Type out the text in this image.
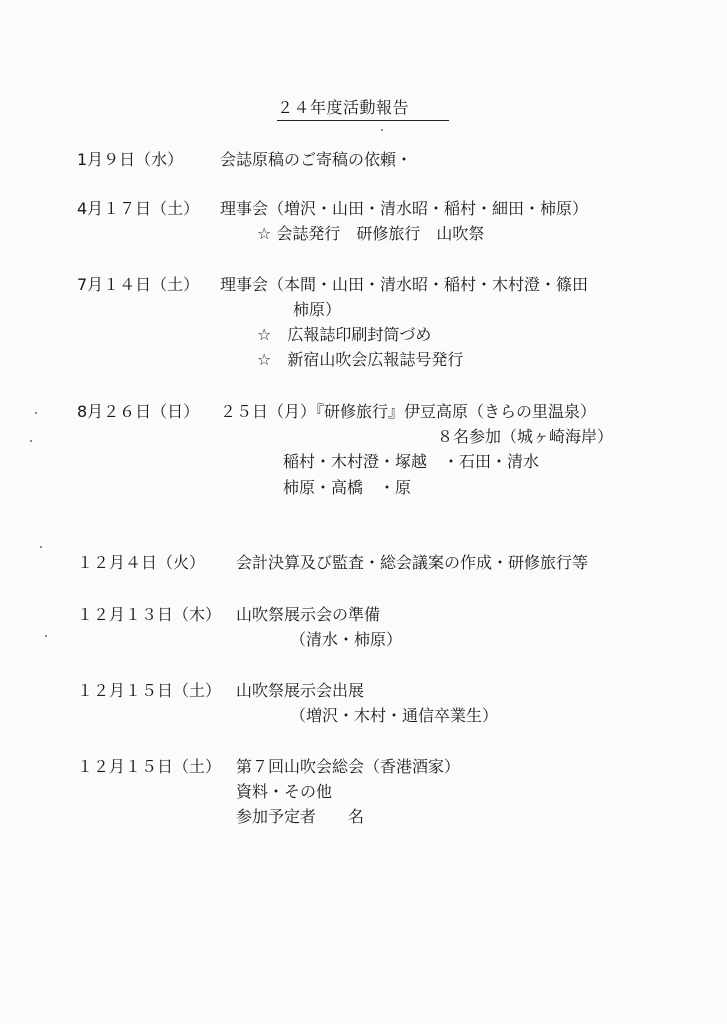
２４年度活動報告
1月９日（水） 会誌原稿のご寄稿の依頼・
4月１７日（土） 理事会（増沢・山田・清水昭・稲村・細田・柿原）
☆ 会誌発行　研修旅行　山吹祭
7月１４日（土） 理事会（本間・山田・清水昭・稲村・木村澄・篠田
柿原）
☆　広報誌印刷封筒づめ
☆　新宿山吹会広報誌号発行
8月２６日（日） ２５日（月）『研修旅行』伊豆高原（きらの里温泉）
８名参加（城ヶ崎海岸）
稲村・木村澄・塚越　・石田・清水
柿原・高橋　・原
１２月４日（火） 会計決算及び監査・総会議案の作成・研修旅行等
１２月１３日（木） 山吹祭展示会の準備
（清水・柿原）
１２月１５日（土） 山吹祭展示会出展
（増沢・木村・通信卒業生）
１２月１５日（土） 第７回山吹会総会（香港酒家）
資料・その他
参加予定者　　名
